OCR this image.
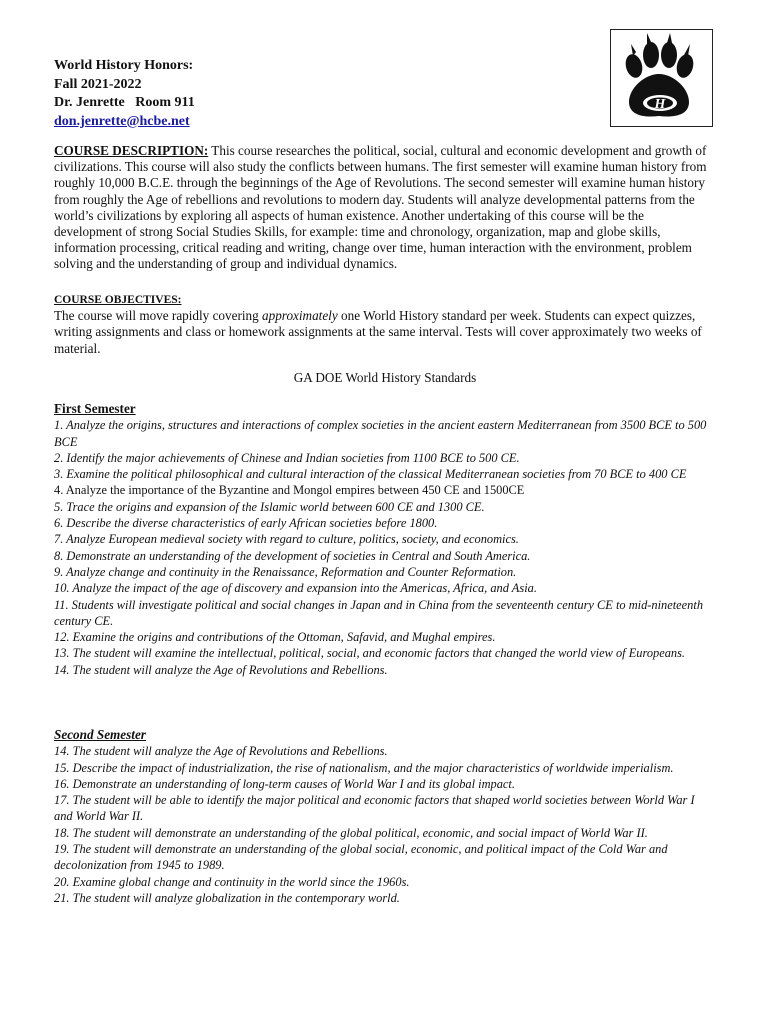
World History Honors:
Fall 2021-2022
Dr. Jenrette   Room 911
don.jenrette@hcbe.net
H
COURSE DESCRIPTION: This course researches the political, social, cultural and economic development and growth of civilizations. This course will also study the conflicts between humans. The first semester will examine human history from roughly 10,000 B.C.E. through the beginnings of the Age of Revolutions. The second semester will examine human history from roughly the Age of rebellions and revolutions to modern day. Students will analyze developmental patterns from the world’s civilizations by exploring all aspects of human existence. Another undertaking of this course will be the development of strong Social Studies Skills, for example: time and chronology, organization, map and globe skills, information processing, critical reading and writing, change over time, human interaction with the environment, problem solving and the understanding of group and individual dynamics.
COURSE OBJECTIVES:
The course will move rapidly covering approximately one World History standard per week. Students can expect quizzes, writing assignments and class or homework assignments at the same interval. Tests will cover approximately two weeks of material.
GA DOE World History Standards
First Semester
1. Analyze the origins, structures and interactions of complex societies in the ancient eastern Mediterranean from 3500 BCE to 500 BCE
2. Identify the major achievements of Chinese and Indian societies from 1100 BCE to 500 CE.
3. Examine the political philosophical and cultural interaction of the classical Mediterranean societies from 70 BCE to 400 CE
4. Analyze the importance of the Byzantine and Mongol empires between 450 CE and 1500CE
5. Trace the origins and expansion of the Islamic world between 600 CE and 1300 CE.
6. Describe the diverse characteristics of early African societies before 1800.
7. Analyze European medieval society with regard to culture, politics, society, and economics.
8. Demonstrate an understanding of the development of societies in Central and South America.
9. Analyze change and continuity in the Renaissance, Reformation and Counter Reformation.
10. Analyze the impact of the age of discovery and expansion into the Americas, Africa, and Asia.
11. Students will investigate political and social changes in Japan and in China from the seventeenth century CE to mid-nineteenth century CE.
12. Examine the origins and contributions of the Ottoman, Safavid, and Mughal empires.
13. The student will examine the intellectual, political, social, and economic factors that changed the world view of Europeans.
14. The student will analyze the Age of Revolutions and Rebellions.
Second Semester
14. The student will analyze the Age of Revolutions and Rebellions.
15. Describe the impact of industrialization, the rise of nationalism, and the major characteristics of worldwide imperialism.
16. Demonstrate an understanding of long-term causes of World War I and its global impact.
17. The student will be able to identify the major political and economic factors that shaped world societies between World War I and World War II.
18. The student will demonstrate an understanding of the global political, economic, and social impact of World War II.
19. The student will demonstrate an understanding of the global social, economic, and political impact of the Cold War and decolonization from 1945 to 1989.
20. Examine global change and continuity in the world since the 1960s.
21. The student will analyze globalization in the contemporary world.
